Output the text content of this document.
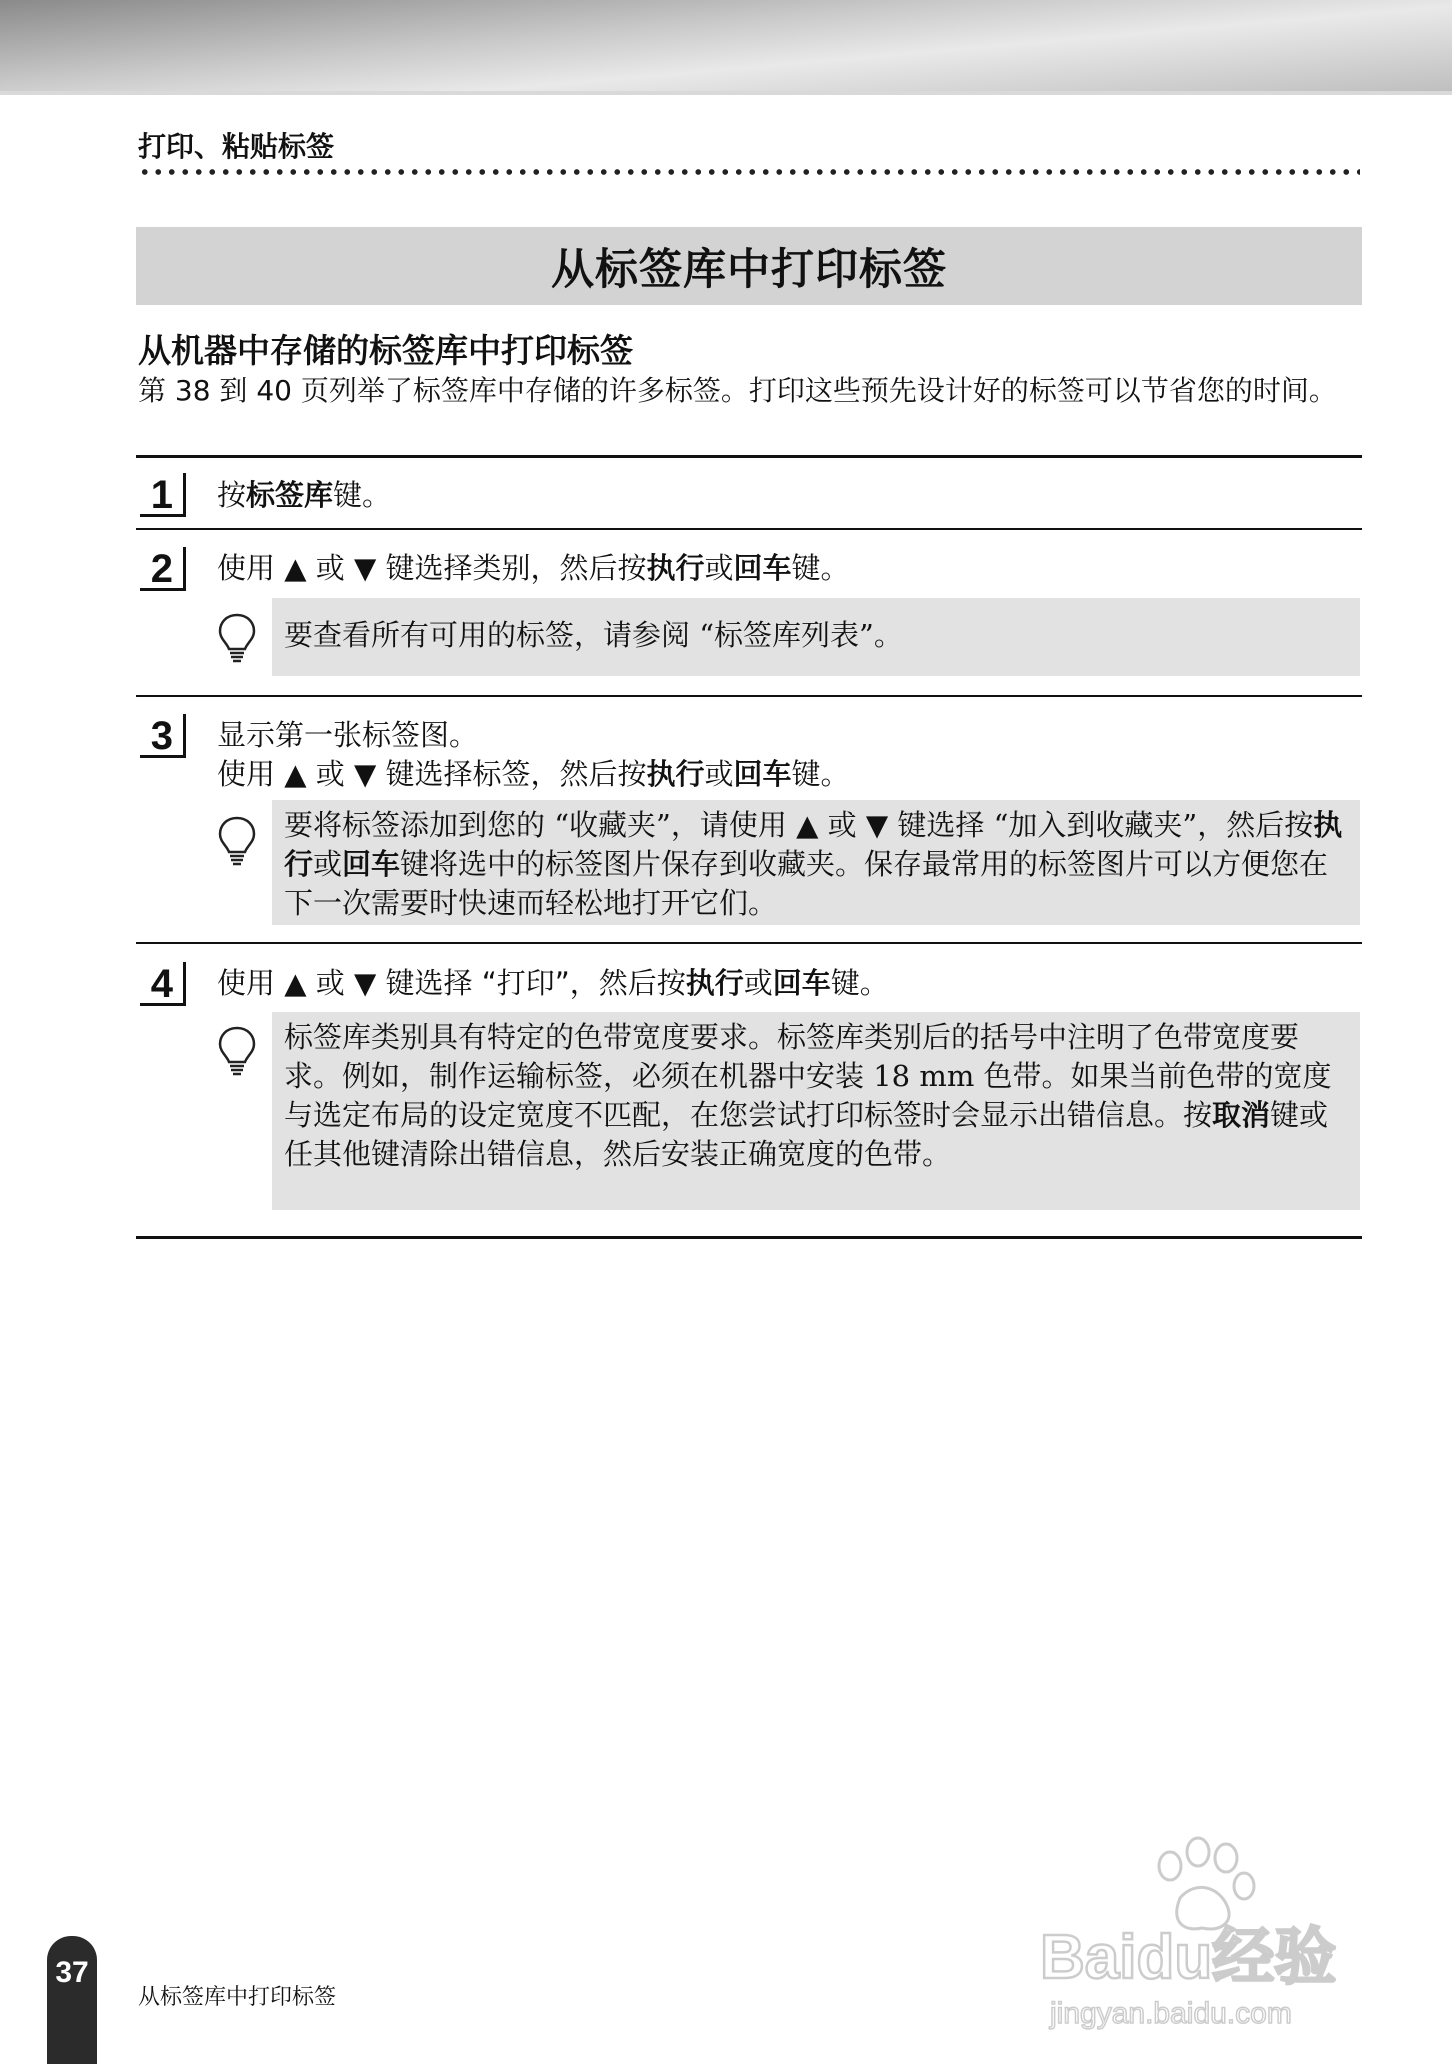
打印、粘贴标签

从标签库中打印标签
从机器中存储的标签库中打印标签

第 38 到 40 页列举了标签库中存储的许多标签。打印这些预先设计好的标签可以节省您的时间。

1	按标签库键。

2	使用 ▲ 或 ▼ 键选择类别，然后按执行或回车键。

要查看所有可用的标签，请参阅 “标签库列表”。

3	显示第一张标签图。
使用 ▲ 或 ▼ 键选择标签，然后按执行或回车键。

要将标签添加到您的 “收藏夹”，请使用 ▲ 或 ▼ 键选择 “加入到收藏夹”，然后按执行或回车键将选中的标签图片保存到收藏夹。保存最常用的标签图片可以方便您在下一次需要时快速而轻松地打开它们。

4	使用 ▲ 或 ▼ 键选择 “打印”，然后按执行或回车键。

标签库类别具有特定的色带宽度要求。标签库类别后的括号中注明了色带宽度要求。例如，制作运输标签，必须在机器中安装 18 mm 色带。如果当前色带的宽度与选定布局的设定宽度不匹配，在您尝试打印标签时会显示出错信息。按取消键或任其他键清除出错信息，然后安装正确宽度的色带。

37

从标签库中打印标签

Baidu经验
jingyan.baidu.com
